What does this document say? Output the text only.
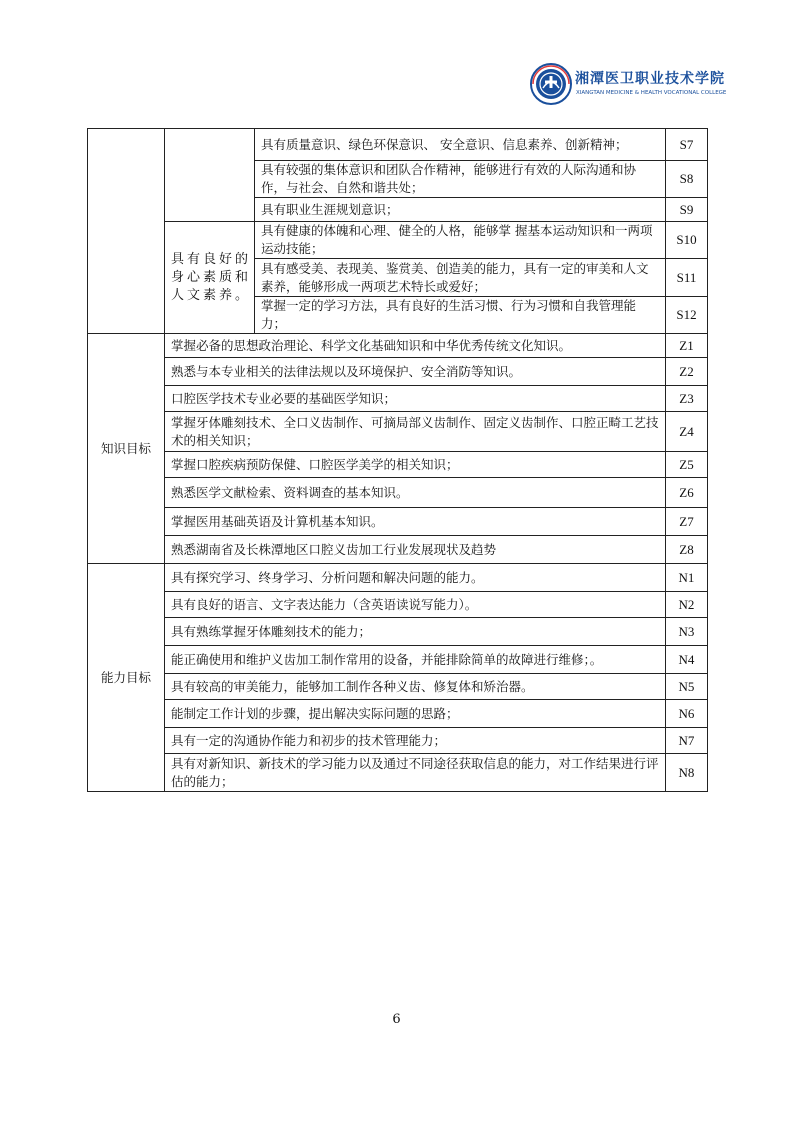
湘潭医卫职业技术学院
XIANGTAN MEDICINE & HEALTH VOCATIONAL COLLEGE
		具有质量意识、绿色环保意识、 安全意识、信息素养、创新精神；	S7
		具有较强的集体意识和团队合作精神，能够进行有效的人际沟通和协作，与社会、自然和谐共处；	S8
		具有职业生涯规划意识；	S9
	具有良好的身心素质和人文素养。	具有健康的体魄和心理、健全的人格，能够掌 握基本运动知识和一两项运动技能；	S10
		具有感受美、表现美、鉴赏美、创造美的能力，具有一定的审美和人文素养，能够形成一两项艺术特长或爱好；	S11
		掌握一定的学习方法，具有良好的生活习惯、行为习惯和自我管理能力；	S12
知识目标	掌握必备的思想政治理论、科学文化基础知识和中华优秀传统文化知识。		Z1
	熟悉与本专业相关的法律法规以及环境保护、安全消防等知识。		Z2
	口腔医学技术专业必要的基础医学知识；		Z3
	掌握牙体雕刻技术、全口义齿制作、可摘局部义齿制作、固定义齿制作、口腔正畸工艺技术的相关知识；		Z4
	掌握口腔疾病预防保健、口腔医学美学的相关知识；		Z5
	熟悉医学文献检索、资料调查的基本知识。		Z6
	掌握医用基础英语及计算机基本知识。		Z7
	熟悉湖南省及长株潭地区口腔义齿加工行业发展现状及趋势		Z8
能力目标	具有探究学习、终身学习、分析问题和解决问题的能力。		N1
	具有良好的语言、文字表达能力（含英语读说写能力）。		N2
	具有熟练掌握牙体雕刻技术的能力；		N3
	能正确使用和维护义齿加工制作常用的设备，并能排除简单的故障进行维修；。		N4
	具有较高的审美能力，能够加工制作各种义齿、修复体和矫治器。		N5
	能制定工作计划的步骤，提出解决实际问题的思路；		N6
	具有一定的沟通协作能力和初步的技术管理能力；		N7
	具有对新知识、新技术的学习能力以及通过不同途径获取信息的能力，对工作结果进行评估的能力；		N8
6
